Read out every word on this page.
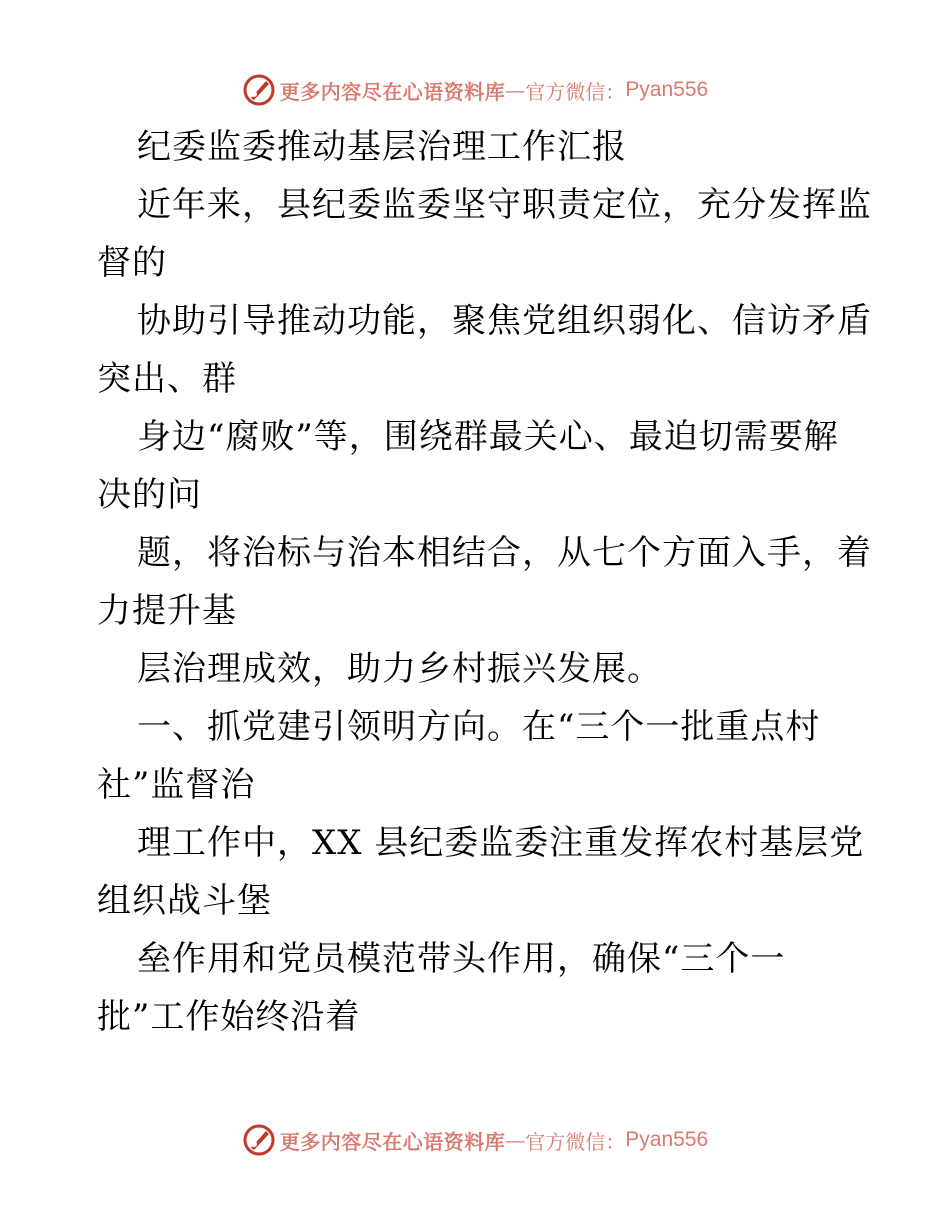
更多内容尽在心语资料库 — 官方微信： Pyan556
纪委监委推动基层治理工作汇报
近年来，县纪委监委坚守职责定位，充分发挥监
督的
协助引导推动功能，聚焦党组织弱化、信访矛盾
突出、群
身边“腐败”等，围绕群最关心、最迫切需要解
决的问
题，将治标与治本相结合，从七个方面入手，着
力提升基
层治理成效，助力乡村振兴发展。
一、抓党建引领明方向。在“三个一批重点村
社”监督治
理工作中，XX 县纪委监委注重发挥农村基层党
组织战斗堡
垒作用和党员模范带头作用，确保“三个一
批”工作始终沿着
更多内容尽在心语资料库 — 官方微信： Pyan556
